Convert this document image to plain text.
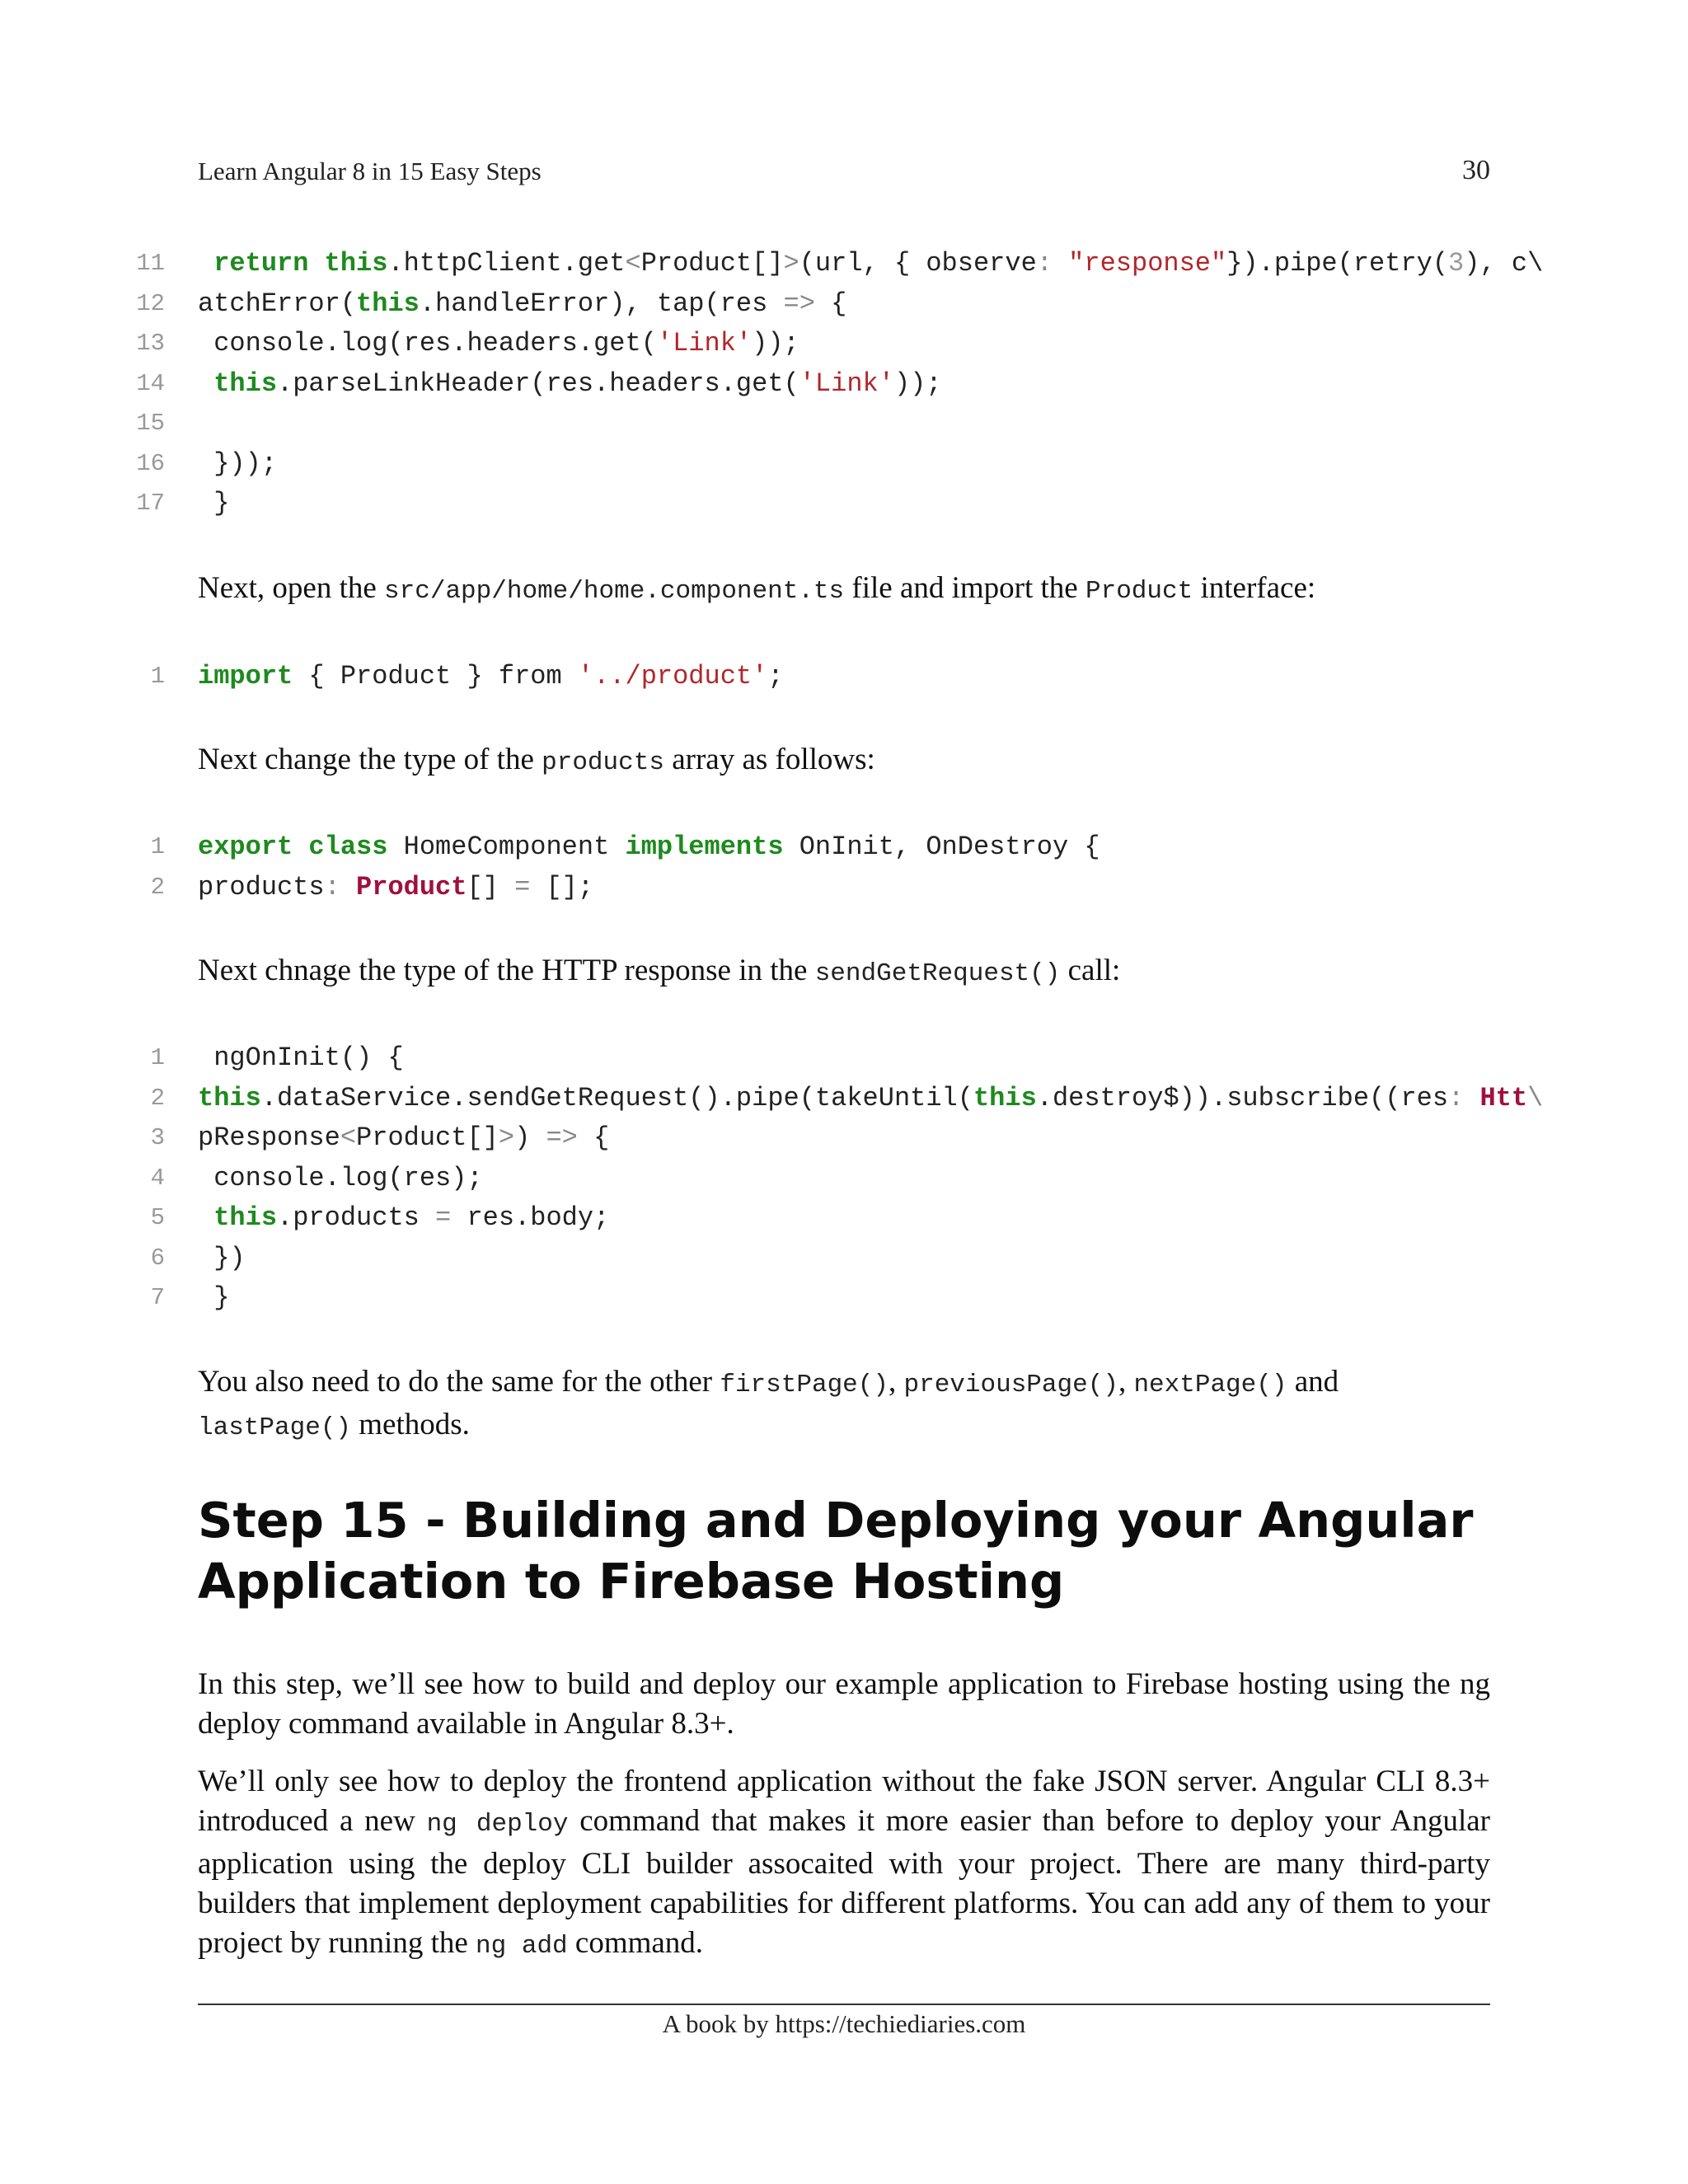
Learn Angular 8 in 15 Easy Steps	30
11	return this.httpClient.get<Product[]>(url, { observe: "response"}).pipe(retry(3), c\
12 atchError(this.handleError), tap(res => {
13 console.log(res.headers.get('Link'));
14	this.parseLinkHeader(res.headers.get('Link'));
15
16 }));
17 }
Next, open the src/app/home/home.component.ts file and import the Product interface:
1 import { Product } from '../product';
Next change the type of the products array as follows:
1 export class HomeComponent implements OnInit, OnDestroy {
2 products: Product[] = [];
Next chnage the type of the HTTP response in the sendGetRequest() call:
1 ngOnInit() {
2 this.dataService.sendGetRequest().pipe(takeUntil(this.destroy$)).subscribe((res: Htt\
3 pResponse<Product[]>) => {
4 console.log(res);
5	this.products = res.body;
6 })
7 }
You also need to do the same for the other firstPage(), previousPage(), nextPage() and lastPage() methods.
Step 15 - Building and Deploying your Angular Application to Firebase Hosting
In this step, we’ll see how to build and deploy our example application to Firebase hosting using the ng deploy command available in Angular 8.3+.
We’ll only see how to deploy the frontend application without the fake JSON server. Angular CLI 8.3+ introduced a new ng deploy command that makes it more easier than before to deploy your Angular application using the deploy CLI builder assocaited with your project. There are many third-party builders that implement deployment capabilities for different platforms. You can add any of them to your project by running the ng add command.
A book by https://techiediaries.com
